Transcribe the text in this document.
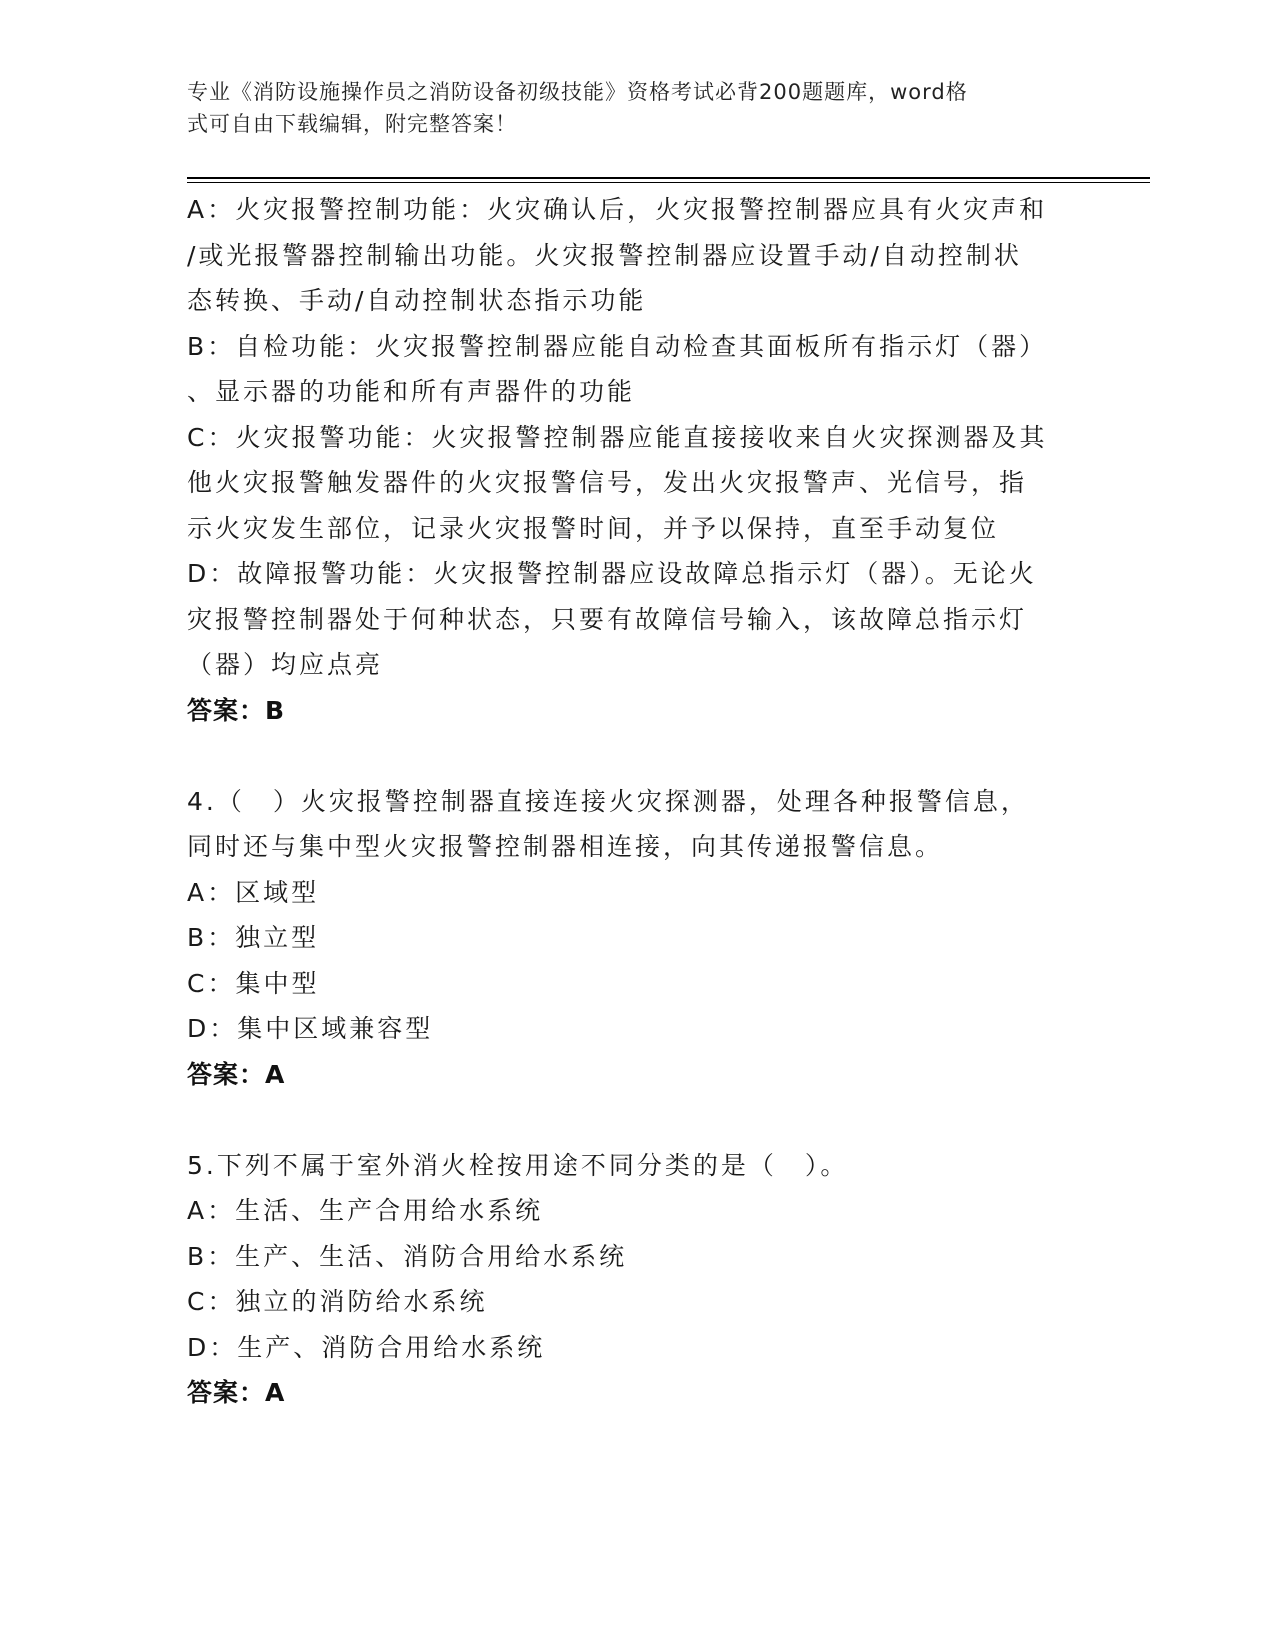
专业《消防设施操作员之消防设备初级技能》资格考试必背200题题库，word格
式可自由下载编辑，附完整答案！
A：火灾报警控制功能：火灾确认后，火灾报警控制器应具有火灾声和
/或光报警器控制输出功能。火灾报警控制器应设置手动/自动控制状
态转换、手动/自动控制状态指示功能
B：自检功能：火灾报警控制器应能自动检查其面板所有指示灯（器）
、显示器的功能和所有声器件的功能
C：火灾报警功能：火灾报警控制器应能直接接收来自火灾探测器及其
他火灾报警触发器件的火灾报警信号，发出火灾报警声、光信号，指
示火灾发生部位，记录火灾报警时间，并予以保持，直至手动复位
D：故障报警功能：火灾报警控制器应设故障总指示灯（器）。无论火
灾报警控制器处于何种状态，只要有故障信号输入，该故障总指示灯
（器）均应点亮
答案：B
4.（　）火灾报警控制器直接连接火灾探测器，处理各种报警信息，
同时还与集中型火灾报警控制器相连接，向其传递报警信息。
A：区域型
B：独立型
C：集中型
D：集中区域兼容型
答案：A
5.下列不属于室外消火栓按用途不同分类的是（　）。
A：生活、生产合用给水系统
B：生产、生活、消防合用给水系统
C：独立的消防给水系统
D：生产、消防合用给水系统
答案：A
